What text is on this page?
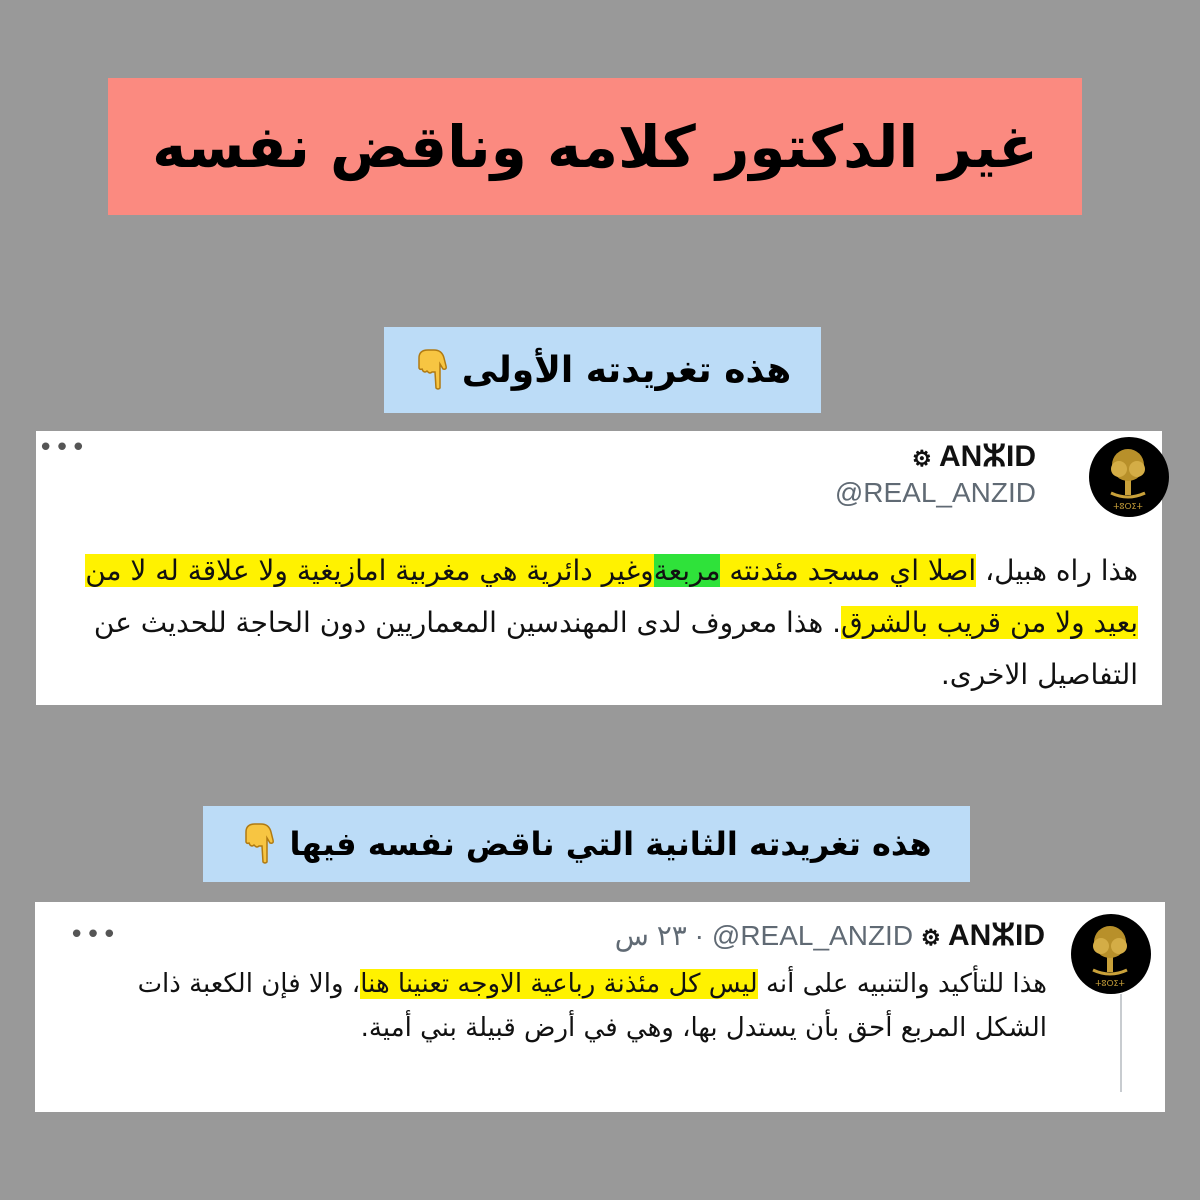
غير الدكتور كلامه وناقض نفسه
هذه تغريدته الأولى
•••
ⵜⵓⵔⵉⵜ
⚙ ANⵣID
@REAL_ANZID
هذا راه هبيل، اصلا اي مسجد مئدنته مربعةوغير دائرية هي مغربية امازيغية ولا علاقة له لا من بعيد ولا من قريب بالشرق. هذا معروف لدى المهندسين المعماريين دون الحاجة للحديث عن التفاصيل الاخرى.
هذه تغريدته الثانية التي ناقض نفسه فيها
•••
ⵜⵓⵔⵉⵜ
⚙ ANⵣID
@REAL_ANZID
· ٢٣ س
هذا للتأكيد والتنبيه على أنه ليس كل مئذنة رباعية الاوجه تعنينا هنا، والا فإن الكعبة ذات الشكل المربع أحق بأن يستدل بها، وهي في أرض قبيلة بني أمية.
